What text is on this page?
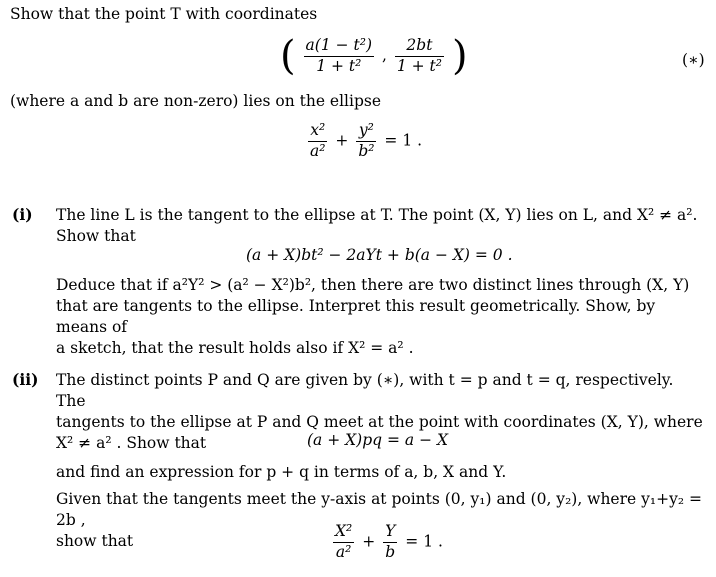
Show that the point T with coordinates
( $\frac{\text{a(1 − t²)}}{\text{1 + t²}}$ , $\frac{2bt}{\text{1 + t²}}$ )	(∗)
(where a and b are non-zero) lies on the ellipse
$\frac{\text{x²}}{\text{a²}} + \frac{\text{y²}}{\text{b²}} = 1$ .
(i) The line L is the tangent to the ellipse at T. The point (X, Y) lies on L, and X² ≠ a².

Show that

(a + X)bt² − 2aYt + b(a − X) = 0 .

Deduce that if a²Y² > (a² − X²)b², then there are two distinct lines through (X, Y)

that are tangents to the ellipse. Interpret this result geometrically. Show, by means of

a sketch, that the result holds also if X² = a² .

(ii) The distinct points P and Q are given by (∗), with t = p and t = q, respectively. The

tangents to the ellipse at P and Q meet at the point with coordinates (X, Y), where

X² ≠ a² . Show that	(a + X)pq = a − X
and find an expression for p + q in terms of a, b, X and Y.

Given that the tangents meet the y-axis at points (0, y₁) and (0, y₂), where y₁+y₂ = 2b ,

show that	$\frac{\text{X²}}{\text{a²}} + \frac{Y}{b} = 1$ .
